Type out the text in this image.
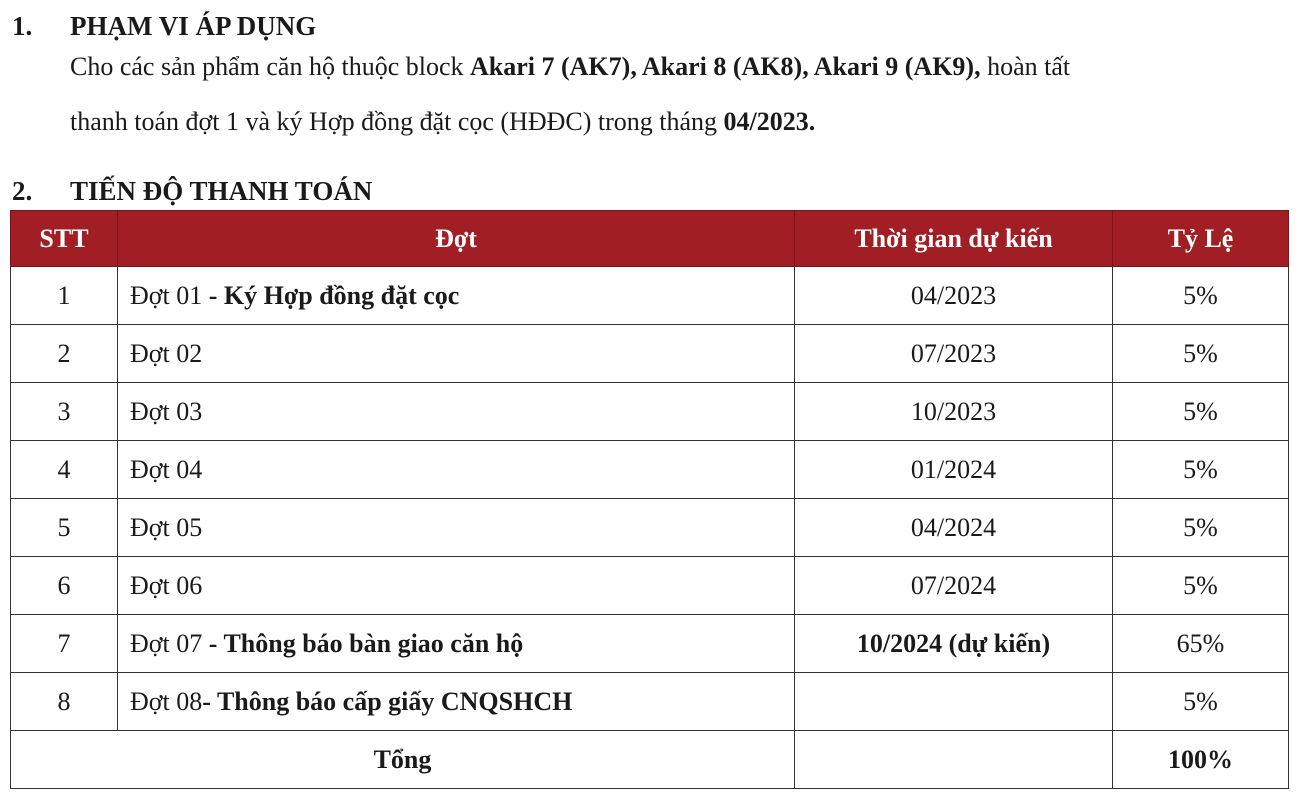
1. PHẠM VI ÁP DỤNG
Cho các sản phẩm căn hộ thuộc block Akari 7 (AK7), Akari 8 (AK8), Akari 9 (AK9), hoàn tất
thanh toán đợt 1 và ký Hợp đồng đặt cọc (HĐĐC) trong tháng 04/2023.
2. TIẾN ĐỘ THANH TOÁN
STT	Đợt	Thời gian dự kiến	Tỷ Lệ
1	Đợt 01 - Ký Hợp đồng đặt cọc	04/2023	5%
2	Đợt 02	07/2023	5%
3	Đợt 03	10/2023	5%
4	Đợt 04	01/2024	5%
5	Đợt 05	04/2024	5%
6	Đợt 06	07/2024	5%
7	Đợt 07 - Thông báo bàn giao căn hộ	10/2024 (dự kiến)	65%
8	Đợt 08- Thông báo cấp giấy CNQSHCH		5%
Tổng			100%
